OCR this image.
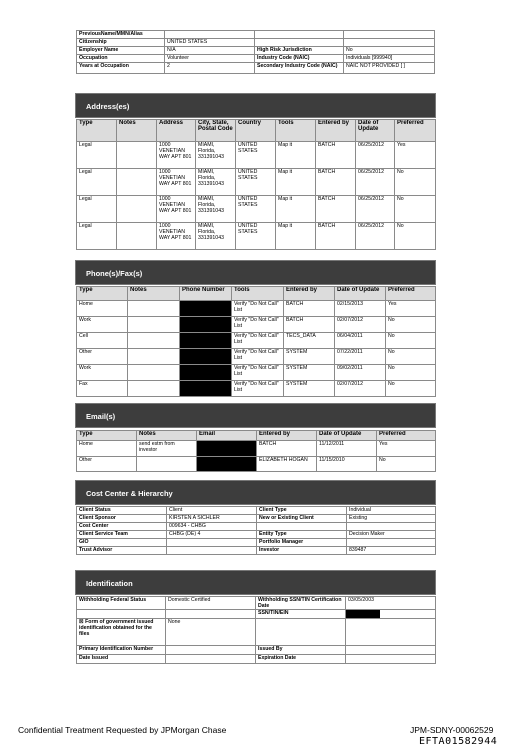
PreviousName/MMN/Alias			
Citizenship	UNITED STATES		
Employer Name	N/A	High Risk Jurisdiction	No
Occupation	Volunteer	Industry Code (NAIC)	Individuals [999940]
Years at Occupation	2	Secondary Industry Code (NAIC)	NAIC NOT PROVIDED [ ]
Address(es)
Type	Notes	Address	City, State, Postal Code	Country	Tools	Entered by	Date of Update	Preferred
Legal		1000 VENETIAN WAY APT 801	MIAMI, Florida, 331391043	UNITED STATES	Map it	BATCH	06/25/2012	Yes
Legal		1000 VENETIAN WAY APT 801	MIAMI, Florida, 331391043	UNITED STATES	Map it	BATCH	06/25/2012	No
Legal		1000 VENETIAN WAY APT 801	MIAMI, Florida, 331391043	UNITED STATES	Map it	BATCH	06/25/2012	No
Legal		1000 VENETIAN WAY APT 801	MIAMI, Florida, 331391043	UNITED STATES	Map it	BATCH	06/25/2012	No
Phone(s)/Fax(s)
Type	Notes	Phone Number	Tools	Entered by	Date of Update	Preferred
Home			Verify "Do Not Call" List	BATCH	02/15/2013	Yes
Work			Verify "Do Not Call" List	BATCH	02/07/2012	No
Cell			Verify "Do Not Call" List	TECS_DATA	06/04/2011	No
Other			Verify "Do Not Call" List	SYSTEM	07/22/2011	No
Work			Verify "Do Not Call" List	SYSTEM	09/02/2011	No
Fax			Verify "Do Not Call" List	SYSTEM	02/07/2012	No
Email(s)
Type	Notes	Email	Entered by	Date of Update	Preferred
Home	send estm from investor		BATCH	11/12/2011	Yes
Other			ELIZABETH HOGAN	11/15/2010	No
Cost Center & Hierarchy
Client Status	Client	Client Type	Individual
Client Sponsor	KIRSTEN A SICHLER	New or Existing Client	Existing
Cost Center	009634 - CHBG		
Client Service Team	CHBG (DE) 4	Entity Type	Decision Maker
GIO		Portfolio Manager	
Trust Advisor		Investor	839487
Identification
Withholding Federal Status	Domestic Certified	Withholding SSN/TIN Certification Date	03/05/2003
		SSN/TIN/EIN	

☒ Form of government issued identification obtained for the files	None		
Primary Identification Number		Issued By	
Date Issued		Expiration Date	
Confidential Treatment Requested by JPMorgan Chase	JPM-SDNY-00062529
EFTA01582944
